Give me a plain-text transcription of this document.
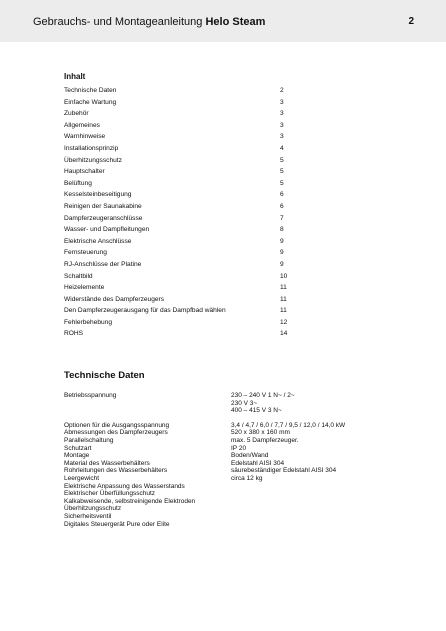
Gebrauchs- und Montageanleitung Helo Steam	2
Inhalt
Technische Daten	2
Einfache Wartung	3
Zubehör	3
Allgemeines	3
Warnhinweise	3
Installationsprinzip	4
Überhitzungsschutz	5
Hauptschalter	5
Belüftung	5
Kesselsteinbeseitigung	6
Reinigen der Saunakabine	6
Dampferzeugeranschlüsse	7
Wasser- und Dampfleitungen	8
Elektrische Anschlüsse	9
Fernsteuerung	9
RJ-Anschlüsse der Platine	9
Schaltbild	10
Heizelemente	11
Widerstände des Dampferzeugers	11
Den Dampferzeugerausgang für das Dampfbad wählen	11
Fehlerbehebung	12
ROHS	14
Technische Daten
Betriebsspannung	230 – 240 V 1 N~ / 2~
230 V 3~
400 – 415 V 3 N~
Optionen für die Ausgangsspannung	3,4 / 4,7 / 6,0 / 7,7 / 9,5 / 12,0 / 14,0 kW
Abmessungen des Dampferzeugers	520 x 380 x 160 mm
Parallelschaltung	max. 5 Dampferzeuger.
Schutzart	IP 20
Montage	Boden/Wand
Material des Wasserbehälters	Edelstahl AISI 304
Rohrleitungen des Wasserbehälters	säurebeständiger Edelstahl AISI 304
Leergewicht	circa 12 kg
Elektrische Anpassung des Wasserstands
Elektrischer Überfüllungsschutz
Kalkabweisende, selbstreinigende Elektroden
Überhitzungsschutz
Sicherheitsventil
Digitales Steuergerät Pure oder Elite
